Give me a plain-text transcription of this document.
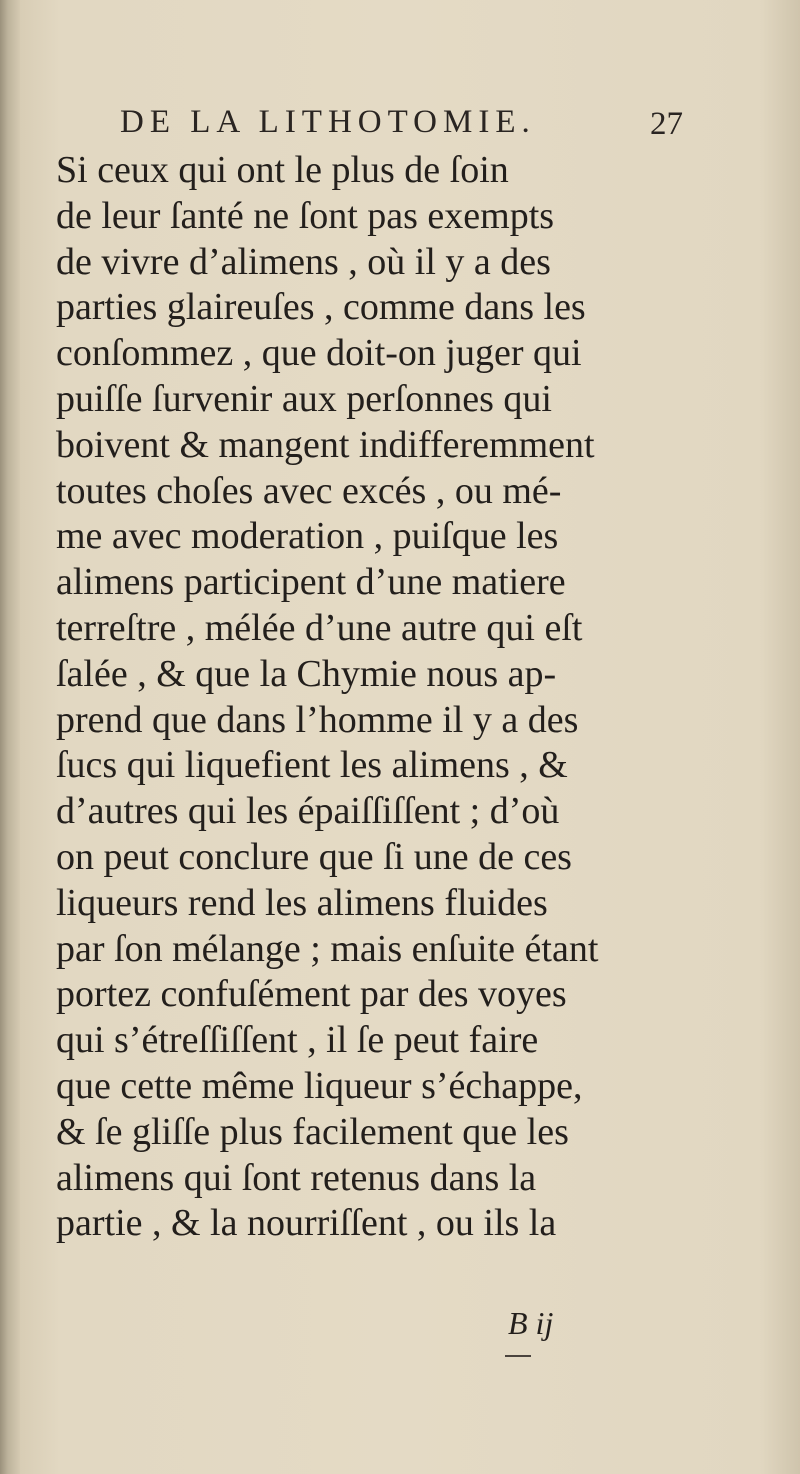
DE LA LITHOTOMIE.	27
Si ceux qui ont le plus de ſoin
de leur ſanté ne ſont pas exempts
de vivre d’alimens , où il y a des
parties glaireuſes , comme dans les
conſommez , que doit-on juger qui
puiſſe ſurvenir aux perſonnes qui
boivent & mangent indifferemment
toutes choſes avec excés , ou mé-
me avec moderation , puiſque les
alimens participent d’une matiere
terreſtre , mélée d’une autre qui eſt
ſalée , & que la Chymie nous ap-
prend que dans l’homme il y a des
ſucs qui liquefient les alimens , &
d’autres qui les épaiſſiſſent ; d’où
on peut conclure que ſi une de ces
liqueurs rend les alimens fluides
par ſon mélange ; mais enſuite étant
portez confuſément par des voyes
qui s’étreſſiſſent , il ſe peut faire
que cette même liqueur s’échappe,
& ſe gliſſe plus facilement que les
alimens qui ſont retenus dans la
partie , & la nourriſſent , ou ils la
B ij
